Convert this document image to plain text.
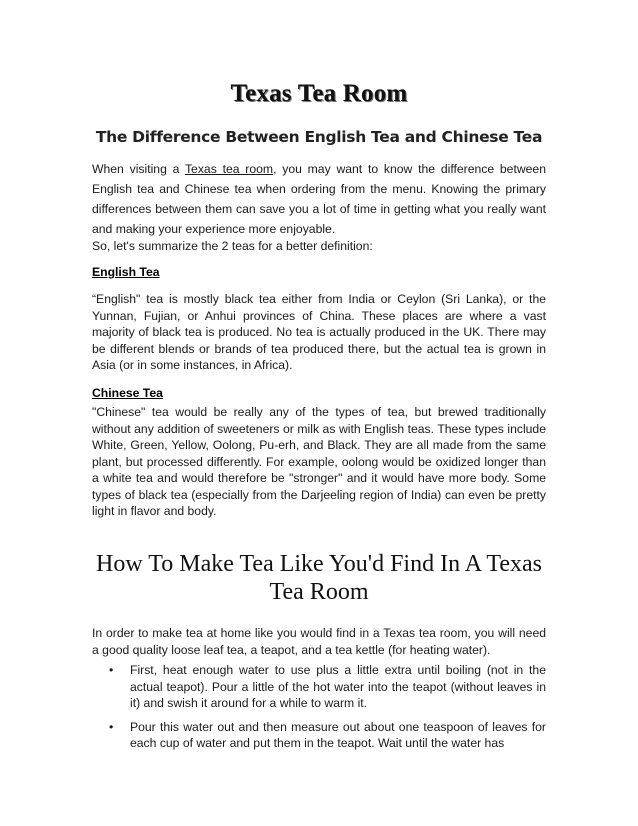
Texas Tea Room
The Difference Between English Tea and Chinese Tea

When visiting a Texas tea room, you may want to know the difference between English tea and Chinese tea when ordering from the menu. Knowing the primary differences between them can save you a lot of time in getting what you really want and making your experience more enjoyable.

So, let's summarize the 2 teas for a better definition:

English Tea

“English" tea is mostly black tea either from India or Ceylon (Sri Lanka), or the Yunnan, Fujian, or Anhui provinces of China. These places are where a vast majority of black tea is produced. No tea is actually produced in the UK. There may be different blends or brands of tea produced there, but the actual tea is grown in Asia (or in some instances, in Africa).

Chinese Tea

"Chinese" tea would be really any of the types of tea, but brewed traditionally without any addition of sweeteners or milk as with English teas. These types include White, Green, Yellow, Oolong, Pu-erh, and Black. They are all made from the same plant, but processed differently. For example, oolong would be oxidized longer than a white tea and would therefore be "stronger" and it would have more body. Some types of black tea (especially from the Darjeeling region of India) can even be pretty light in flavor and body.

How To Make Tea Like You'd Find In A Texas Tea Room

In order to make tea at home like you would find in a Texas tea room, you will need a good quality loose leaf tea, a teapot, and a tea kettle (for heating water).

• First, heat enough water to use plus a little extra until boiling (not in the actual teapot). Pour a little of the hot water into the teapot (without leaves in it) and swish it around for a while to warm it.
• Pour this water out and then measure out about one teaspoon of leaves for each cup of water and put them in the teapot. Wait until the water has
